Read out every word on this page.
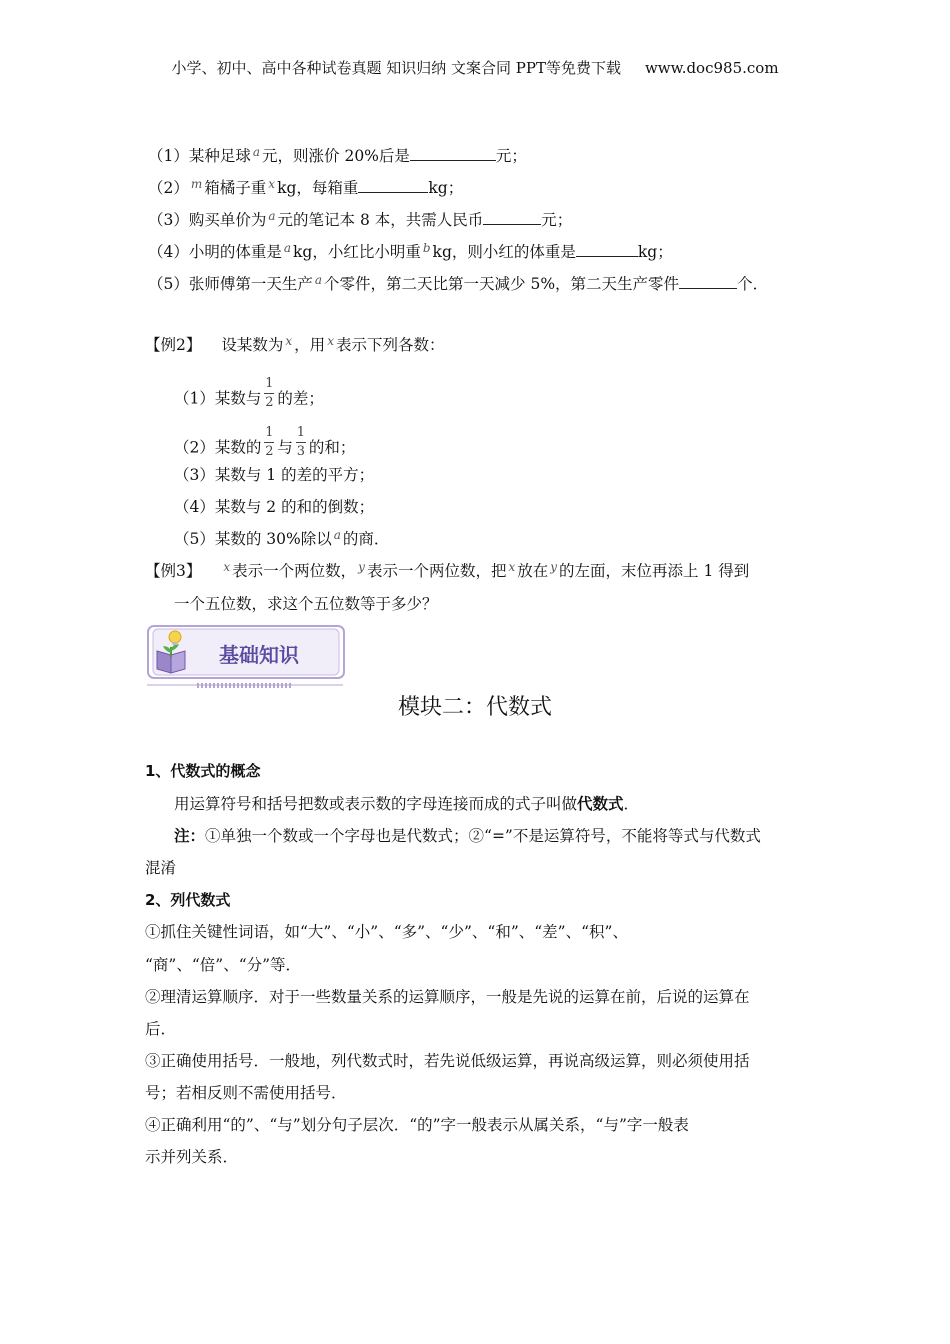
小学、初中、高中各种试卷真题 知识归纳 文案合同 PPT等免费下载 www.doc985.com
（1）某种足球 $^a$ 元，则涨价 20%后是	元；
（2） $^m$ 箱橘子重 $^x$ kg，每箱重	kg；
（3）购买单价为 $^a$ 元的笔记本 8 本，共需人民币	元；
（4）小明的体重是 $^a$ kg，小红比小明重 $^b$ kg，则小红的体重是	kg；
（5）张师傅第一天生产 $^a$ 个零件，第二天比第一天减少 5%，第二天生产零件	个．
【例2】 设某数为 $^x$ ，用 $^x$ 表示下列各数：
（1）某数与 $\frac{1}{2}$ 的差；
（2）某数的 $\frac{1}{2}$ 与 $\frac{1}{3}$ 的和；
（3）某数与 1 的差的平方；
（4）某数与 2 的和的倒数；
（5）某数的 30%除以 $^a$ 的商．
【例3】 $^x$ 表示一个两位数， $^y$ 表示一个两位数，把 $^x$ 放在 $^y$ 的左面，末位再添上 1 得到
一个五位数，求这个五位数等于多少？
基础知识
模块二：代数式
1、代数式的概念
用运算符号和括号把数或表示数的字母连接而成的式子叫做代数式．
注：①单独一个数或一个字母也是代数式；②“=”不是运算符号，不能将等式与代数式
混淆
2、列代数式
①抓住关键性词语，如“大”、“小”、“多”、“少”、“和”、“差”、“积”、
“商”、“倍”、“分”等．
②理清运算顺序．对于一些数量关系的运算顺序，一般是先说的运算在前，后说的运算在
后．
③正确使用括号．一般地，列代数式时，若先说低级运算，再说高级运算，则必须使用括
号；若相反则不需使用括号．
④正确利用“的”、“与”划分句子层次．“的”字一般表示从属关系，“与”字一般表
示并列关系．
